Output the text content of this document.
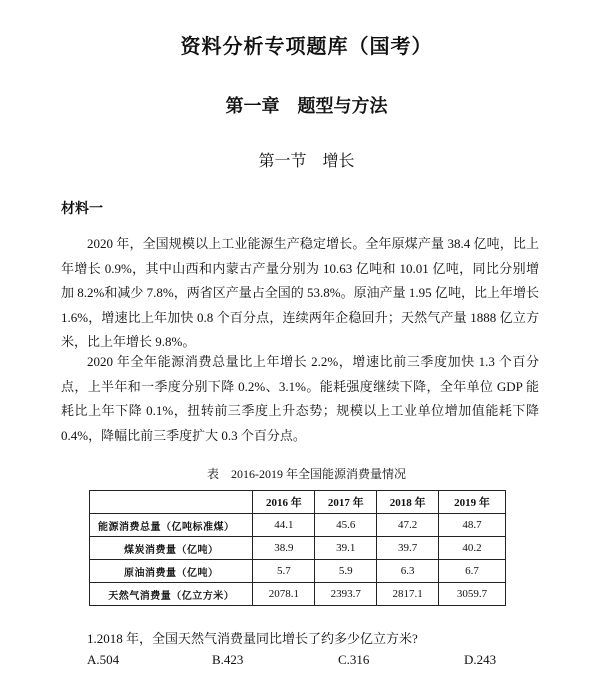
资料分析专项题库（国考）
第一章　题型与方法
第一节　增长
材料一

2020 年，全国规模以上工业能源生产稳定增长。全年原煤产量 38.4 亿吨，比上年增长 0.9%，其中山西和内蒙古产量分别为 10.63 亿吨和 10.01 亿吨，同比分别增加 8.2%和减少 7.8%，两省区产量占全国的 53.8%。原油产量 1.95 亿吨，比上年增长 1.6%，增速比上年加快 0.8 个百分点，连续两年企稳回升；天然气产量 1888 亿立方米，比上年增长 9.8%。

2020 年全年能源消费总量比上年增长 2.2%，增速比前三季度加快 1.3 个百分点，上半年和一季度分别下降 0.2%、3.1%。能耗强度继续下降，全年单位 GDP 能耗比上年下降 0.1%，扭转前三季度上升态势；规模以上工业单位增加值能耗下降 0.4%，降幅比前三季度扩大 0.3 个百分点。

表　2016-2019 年全国能源消费量情况
	2016 年	2017 年	2018 年	2019 年
能源消费总量（亿吨标准煤）	44.1	45.6	47.2	48.7
煤炭消费量（亿吨）	38.9	39.1	39.7	40.2
原油消费量（亿吨）	5.7	5.9	6.3	6.7
天然气消费量（亿立方米）	2078.1	2393.7	2817.1	3059.7
1.2018 年，全国天然气消费量同比增长了约多少亿立方米?
A.504	B.423	C.316	D.243
